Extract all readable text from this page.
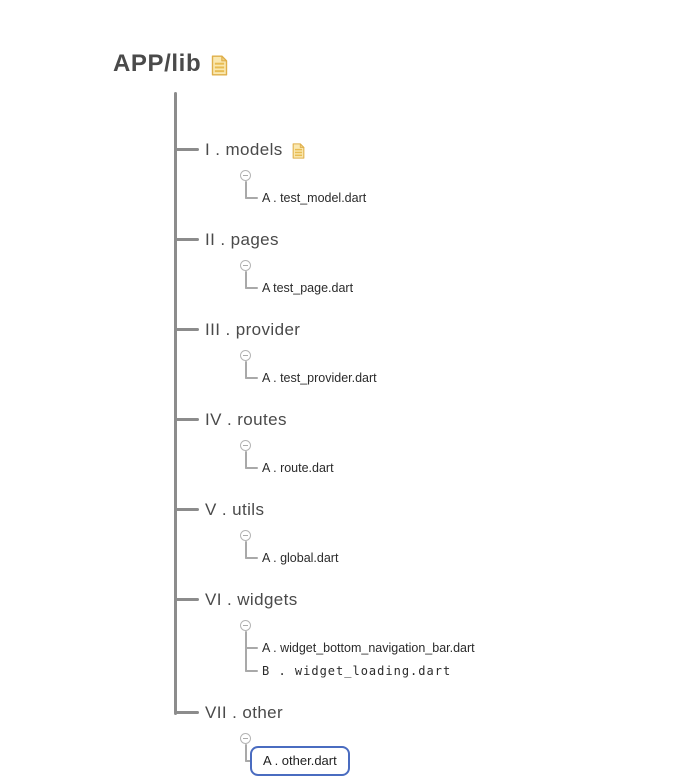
APP/lib
I . models
A . test_model.dart
II . pages
A test_page.dart
III . provider
A . test_provider.dart
IV . routes
A . route.dart
V . utils
A . global.dart
VI . widgets
A . widget_bottom_navigation_bar.dart
B . widget_loading.dart
VII . other
A . other.dart
